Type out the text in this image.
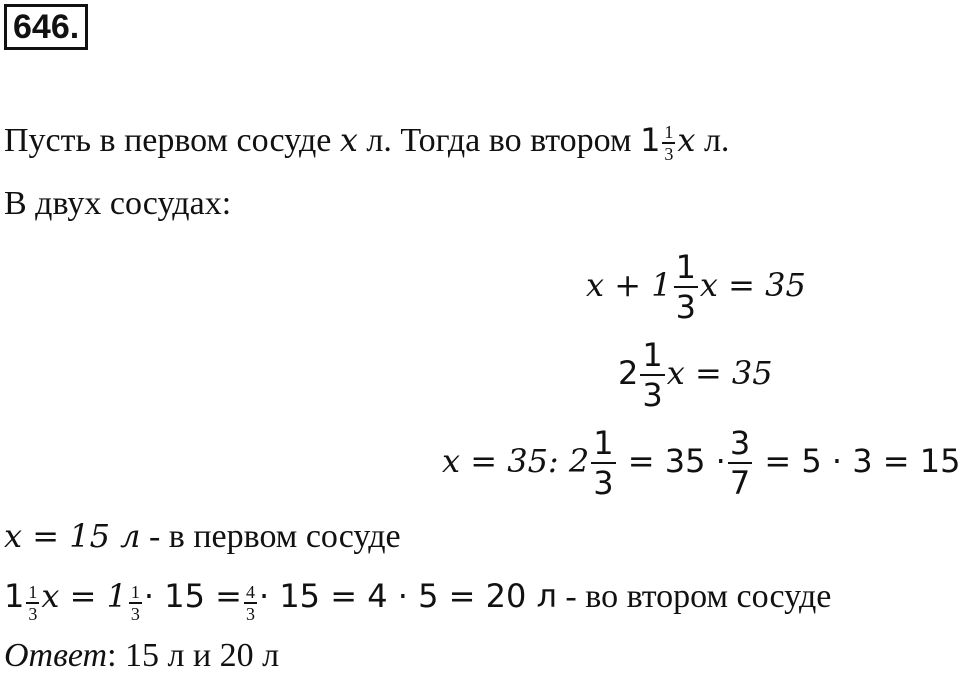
646.
Пусть в первом сосуде x л. Тогда во втором $1 \frac{1}{3}$ x л.
В двух сосудах:
$x + 1 \frac{1}{3}$ x = 35
$2 \frac{1}{3}$ x = 35
x = 35: $2 \frac{1}{3} = 35 \cdot \frac{3}{7} = 5 \cdot 3 = 15$
x = 15 л - в первом сосуде
$1 \frac{1}{3}$ $x = 1 \frac{1}{3} \cdot 15 = \frac{4}{3} \cdot 15 = 4 \cdot 5 = 20$ л - во втором сосуде
Ответ: 15 л и 20 л
